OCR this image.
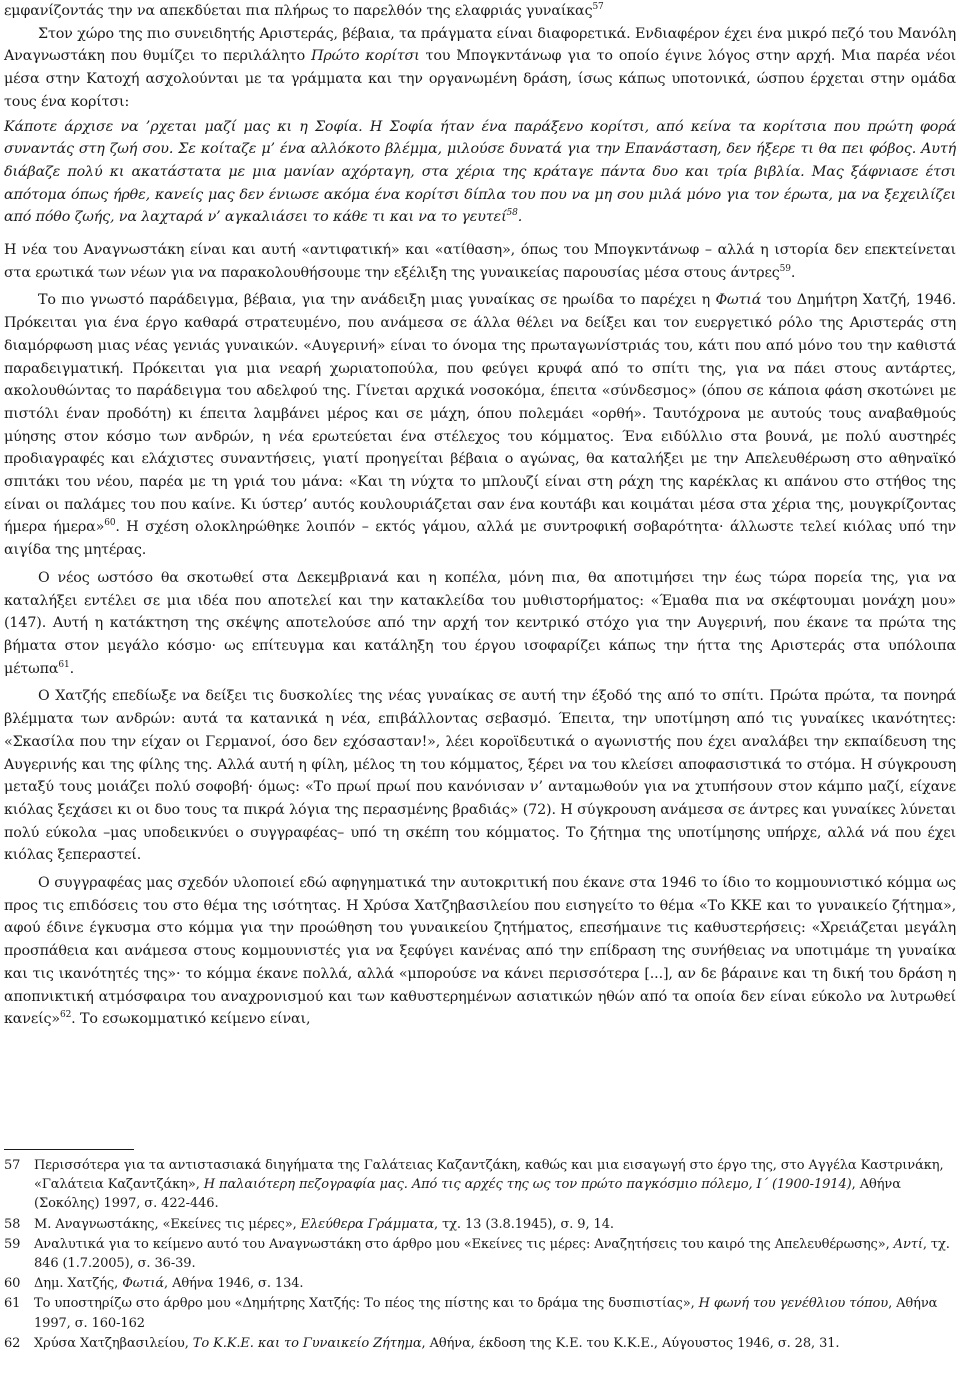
εμφανίζοντάς την να απεκδύεται πια πλήρως το παρελθόν της ελαφριάς γυναίκας$^{57}$

Στον χώρο της πιο συνειδητής Αριστεράς, βέβαια, τα πράγματα είναι διαφορετικά. Ενδιαφέρον έχει ένα μικρό πεζό του Μανόλη Αναγνωστάκη που θυμίζει το περιλάλητο Πρώτο κορίτσι του Μπογκντάνωφ για το οποίο έγινε λόγος στην αρχή. Μια παρέα νέοι μέσα στην Κατοχή ασχολούνται με τα γράμματα και την οργανωμένη δράση, ίσως κάπως υποτονικά, ώσπου έρχεται στην ομάδα τους ένα κορίτσι:

Κάποτε άρχισε να ’ρχεται μαζί μας κι η Σοφία. Η Σοφία ήταν ένα παράξενο κορίτσι, από κείνα τα κορίτσια που πρώτη φορά συναντάς στη ζωή σου. Σε κοίταζε μ’ ένα αλλόκοτο βλέμμα, μιλούσε δυνατά για την Επανάσταση, δεν ήξερε τι θα πει φόβος. Αυτή διάβαζε πολύ κι ακατάστατα με μια μανίαν αχόρταγη, στα χέρια της κράταγε πάντα δυο και τρία βιβλία. Μας ξάφνιασε έτσι απότομα όπως ήρθε, κανείς μας δεν ένιωσε ακόμα ένα κορίτσι δίπλα του που να μη σου μιλά μόνο για τον έρωτα, μα να ξεχειλίζει από πόθο ζωής, να λαχταρά ν’ αγκαλιάσει το κάθε τι και να το γευτεί$^{58}$.

Η νέα του Αναγνωστάκη είναι και αυτή «αντιφατική» και «ατίθαση», όπως του Μπογκντάνωφ – αλλά η ιστορία δεν επεκτείνεται στα ερωτικά των νέων για να παρακολουθήσουμε την εξέλιξη της γυναικείας παρουσίας μέσα στους άντρες$^{59}$.

Το πιο γνωστό παράδειγμα, βέβαια, για την ανάδειξη μιας γυναίκας σε ηρωίδα το παρέχει η Φωτιά του Δημήτρη Χατζή, 1946. Πρόκειται για ένα έργο καθαρά στρατευμένο, που ανάμεσα σε άλλα θέλει να δείξει και τον ευεργετικό ρόλο της Αριστεράς στη διαμόρφωση μιας νέας γενιάς γυναικών. «Αυγερινή» είναι το όνομα της πρωταγωνίστριάς του, κάτι που από μόνο του την καθιστά παραδειγματική. Πρόκειται για μια νεαρή χωριατοπούλα, που φεύγει κρυφά από το σπίτι της, για να πάει στους αντάρτες, ακολουθώντας το παράδειγμα του αδελφού της. Γίνεται αρχικά νοσοκόμα, έπειτα «σύνδεσμος» (όπου σε κάποια φάση σκοτώνει με πιστόλι έναν προδότη) κι έπειτα λαμβάνει μέρος και σε μάχη, όπου πολεμάει «ορθή». Ταυτόχρονα με αυτούς τους αναβαθμούς μύησης στον κόσμο των ανδρών, η νέα ερωτεύεται ένα στέλεχος του κόμματος. Ένα ειδύλλιο στα βουνά, με πολύ αυστηρές προδιαγραφές και ελάχιστες συναντήσεις, γιατί προηγείται βέβαια ο αγώνας, θα καταλήξει με την Απελευθέρωση στο αθηναϊκό σπιτάκι του νέου, παρέα με τη γριά του μάνα: «Και τη νύχτα το μπλουζί είναι στη ράχη της καρέκλας κι απάνου στο στήθος της είναι οι παλάμες του που καίνε. Κι ύστερ’ αυτός κουλουριάζεται σαν ένα κουτάβι και κοιμάται μέσα στα χέρια της, μουγκρίζοντας ήμερα ήμερα»$^{60}$. Η σχέση ολοκληρώθηκε λοιπόν – εκτός γάμου, αλλά με συντροφική σοβαρότητα· άλλωστε τελεί κιόλας υπό την αιγίδα της μητέρας.

Ο νέος ωστόσο θα σκοτωθεί στα Δεκεμβριανά και η κοπέλα, μόνη πια, θα αποτιμήσει την έως τώρα πορεία της, για να καταλήξει εντέλει σε μια ιδέα που αποτελεί και την κατακλείδα του μυθιστορήματος: «Έμαθα πια να σκέφτουμαι μονάχη μου» (147). Αυτή η κατάκτηση της σκέψης αποτελούσε από την αρχή τον κεντρικό στόχο για την Αυγερινή, που έκανε τα πρώτα της βήματα στον μεγάλο κόσμο· ως επίτευγμα και κατάληξη του έργου ισοφαρίζει κάπως την ήττα της Αριστεράς στα υπόλοιπα μέτωπα$^{61}$.

Ο Χατζής επεδίωξε να δείξει τις δυσκολίες της νέας γυναίκας σε αυτή την έξοδό της από το σπίτι. Πρώτα πρώτα, τα πονηρά βλέμματα των ανδρών: αυτά τα κατανικά η νέα, επιβάλλοντας σεβασμό. Έπειτα, την υποτίμηση από τις γυναίκες ικανότητες: «Σκασίλα που την είχαν οι Γερμανοί, όσο δεν εχόσασταν!», λέει κοροϊδευτικά ο αγωνιστής που έχει αναλάβει την εκπαίδευση της Αυγερινής και της φίλης της. Αλλά αυτή η φίλη, μέλος τη του κόμματος, ξέρει να του κλείσει αποφασιστικά το στόμα. Η σύγκρουση μεταξύ τους μοιάζει πολύ σοφοβή· όμως: «Το πρωί πρωί που κανόνισαν ν’ ανταμωθούν για να χτυπήσουν στον κάμπο μαζί, είχανε κιόλας ξεχάσει κι οι δυο τους τα πικρά λόγια της περασμένης βραδιάς» (72). Η σύγκρουση ανάμεσα σε άντρες και γυναίκες λύνεται πολύ εύκολα –μας υποδεικνύει ο συγγραφέας– υπό τη σκέπη του κόμματος. Το ζήτημα της υποτίμησης υπήρχε, αλλά νά που έχει κιόλας ξεπεραστεί.

Ο συγγραφέας μας σχεδόν υλοποιεί εδώ αφηγηματικά την αυτοκριτική που έκανε στα 1946 το ίδιο το κομμουνιστικό κόμμα ως προς τις επιδόσεις του στο θέμα της ισότητας. Η Χρύσα Χατζηβασιλείου που εισηγείτο το θέμα «Το ΚΚΕ και το γυναικείο ζήτημα», αφού έδινε έγκυσμα στο κόμμα για την προώθηση του γυναικείου ζητήματος, επεσήμαινε τις καθυστερήσεις: «Χρειάζεται μεγάλη προσπάθεια και ανάμεσα στους κομμουνιστές για να ξεφύγει κανένας από την επίδραση της συνήθειας να υποτιμάμε τη γυναίκα και τις ικανότητές της»· το κόμμα έκανε πολλά, αλλά «μπορούσε να κάνει περισσότερα [...], αν δε βάραινε και τη δική του δράση η αποπνικτική ατμόσφαιρα του αναχρονισμού και των καθυστερημένων ασιατικών ηθών από τα οποία δεν είναι εύκολο να λυτρωθεί κανείς»$^{62}$. Το εσωκομματικό κείμενο είναι,

57	Περισσότερα για τα αντιστασιακά διηγήματα της Γαλάτειας Καζαντζάκη, καθώς και μια εισαγωγή στο έργο της, στο Αγγέλα Καστρινάκη, «Γαλάτεια Καζαντζάκη», Η παλαιότερη πεζογραφία μας. Από τις αρχές της ως τον πρώτο παγκόσμιο πόλεμο, Ι΄ (1900-1914), Αθήνα (Σοκόλης) 1997, σ. 422-446.
58	Μ. Αναγνωστάκης, «Εκείνες τις μέρες», Ελεύθερα Γράμματα, τχ. 13 (3.8.1945), σ. 9, 14.
59	Αναλυτικά για το κείμενο αυτό του Αναγνωστάκη στο άρθρο μου «Εκείνες τις μέρες: Αναζητήσεις του καιρό της Απελευθέρωσης», Αντί, τχ. 846 (1.7.2005), σ. 36-39.
60	Δημ. Χατζής, Φωτιά, Αθήνα 1946, σ. 134.
61	Το υποστηρίζω στο άρθρο μου «Δημήτρης Χατζής: Το πέος της πίστης και το δράμα της δυσπιστίας», Η φωνή του γενέθλιου τόπου, Αθήνα 1997, σ. 160-162
62	Χρύσα Χατζηβασιλείου, Το Κ.Κ.Ε. και το Γυναικείο Ζήτημα, Αθήνα, έκδοση της Κ.Ε. του Κ.Κ.Ε., Αύγουστος 1946, σ. 28, 31.
